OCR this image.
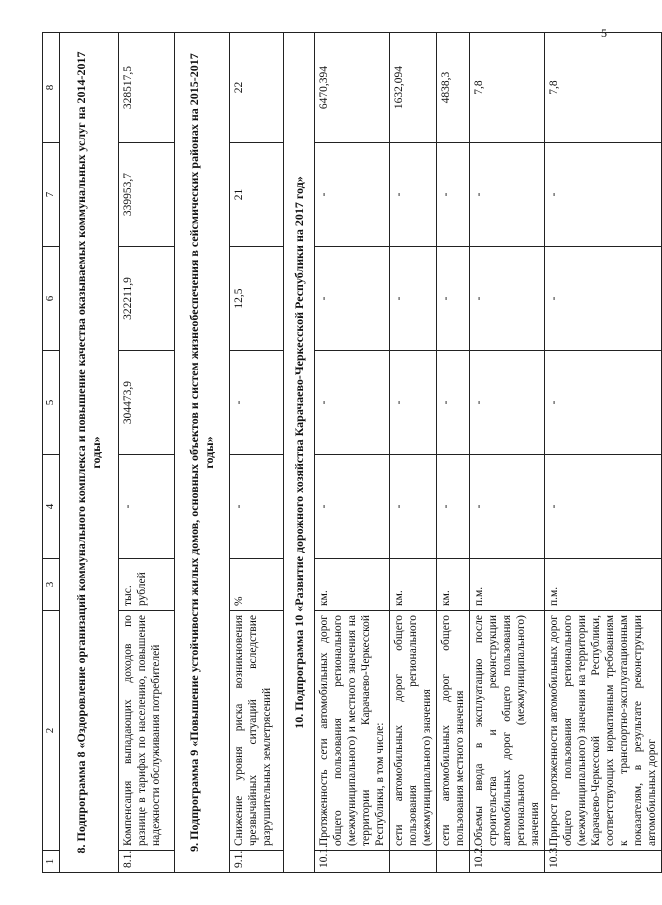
5
1	2	3	4	5	6	7	8
8. Подпрограмма 8 «Оздоровление организаций коммунального комплекса и повышение качества оказываемых коммунальных услуг на 2014-2017 годы»							
8.1.	Компенсация выпадающих доходов по разнице в тарифах по населению, повышение надежности обслуживания потребителей	тыс. рублей	-	304473,9	322211,9	339953,7	328517,5
9. Подпрограмма 9 «Повышение устойчивости жилых домов, основных объектов и систем жизнеобеспечения в сейсмических районах на 2015-2017 годы»							
9.1.	Снижение уровня риска возникновения чрезвычайных ситуаций вследствие разрушительных землетрясений	%	-	-	12,5	21	22
10. Подпрограмма 10 «Развитие дорожного хозяйства Карачаево-Черкесской Республики на 2017 год»							
10.1.	Протяженность сети автомобильных дорог общего пользования регионального (межмуниципального) и местного значения на территории Карачаево-Черкесской Республики, в том числе:	км.	-	-	-	-	6470,394
	сети автомобильных дорог общего пользования регионального (межмуниципального) значения	км.	-	-	-	-	1632,094
	сети автомобильных дорог общего пользования местного значения	км.	-	-	-	-	4838,3
10.2.	Объемы ввода в эксплуатацию после строительства и реконструкции автомобильных дорог общего пользования регионального (межмуниципального) значения	п.м.	-	-	-	-	7,8
10.3.	Прирост протяженности автомобильных дорог общего пользования регионального (межмуниципального) значения на территории Карачаево-Черкесской Республики, соответствующих нормативным требованиям к транспортно-эксплуатационным показателям, в результате реконструкции автомобильных дорог	п.м.	-	-	-	-	7,8
